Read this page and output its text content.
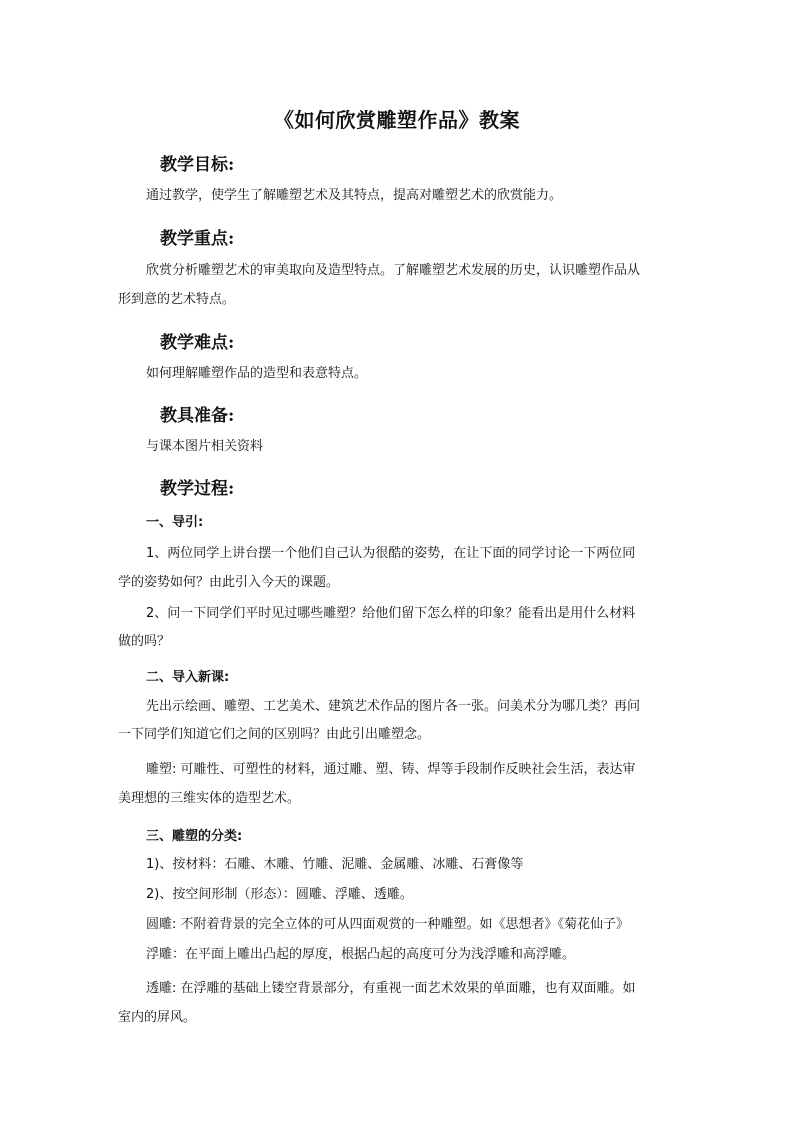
《如何欣赏雕塑作品》教案
教学目标:
通过教学，使学生了解雕塑艺术及其特点，提高对雕塑艺术的欣赏能力。
教学重点:
欣赏分析雕塑艺术的审美取向及造型特点。了解雕塑艺术发展的历史，认识雕塑作品从
形到意的艺术特点。
教学难点:
如何理解雕塑作品的造型和表意特点。
教具准备:
与课本图片相关资料
教学过程:
一、导引:
1、两位同学上讲台摆一个他们自己认为很酷的姿势，在让下面的同学讨论一下两位同
学的姿势如何？由此引入今天的课题。
2、问一下同学们平时见过哪些雕塑？给他们留下怎么样的印象？能看出是用什么材料
做的吗？
二、导入新课:
先出示绘画、雕塑、工艺美术、建筑艺术作品的图片各一张。问美术分为哪几类？再问
一下同学们知道它们之间的区别吗？由此引出雕塑念。
雕塑: 可雕性、可塑性的材料，通过雕、塑、铸、焊等手段制作反映社会生活，表达审
美理想的三维实体的造型艺术。
三、雕塑的分类:
1)、按材料：石雕、木雕、竹雕、泥雕、金属雕、冰雕、石膏像等
2)、按空间形制（形态）：圆雕、浮雕、透雕。
圆雕: 不附着背景的完全立体的可从四面观赏的一种雕塑。如《思想者》《菊花仙子》
浮雕：在平面上雕出凸起的厚度，根据凸起的高度可分为浅浮雕和高浮雕。
透雕: 在浮雕的基础上镂空背景部分，有重视一面艺术效果的单面雕，也有双面雕。如
室内的屏风。
